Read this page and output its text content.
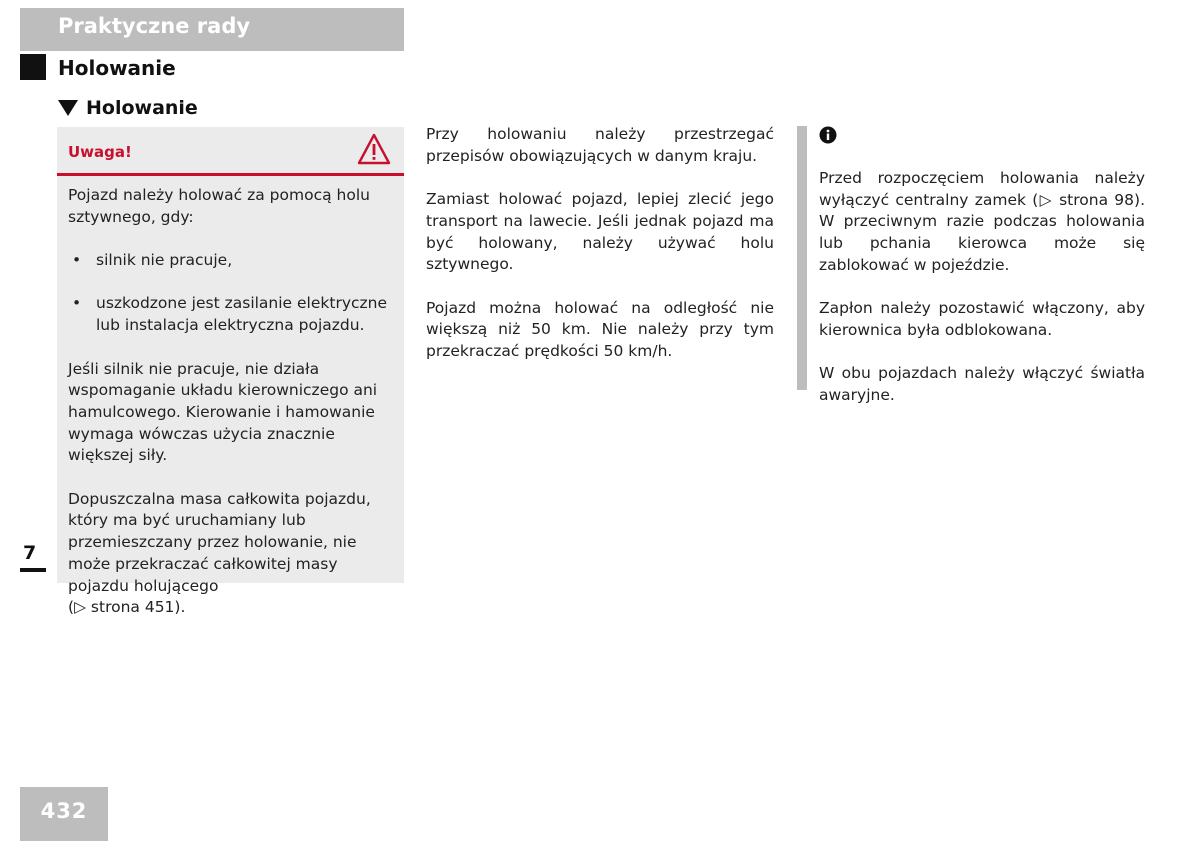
Praktyczne rady
Holowanie
Holowanie
Uwaga!

Pojazd należy holować za pomocą holu sztywnego, gdy:

• silnik nie pracuje,
• uszkodzone jest zasilanie elektryczne lub instalacja elektryczna pojazdu.

Jeśli silnik nie pracuje, nie działa wspomaganie układu kierowniczego ani hamulcowego. Kierowanie i hamowanie wymaga wówczas użycia znacznie większej siły.

Dopuszczalna masa całkowita pojazdu, który ma być uruchamiany lub przemieszczany przez holowanie, nie może przekraczać całkowitej masy pojazdu holującego
(▷ strona 451).

Przy holowaniu należy przestrzegać przepisów obowiązujących w danym kraju.

Zamiast holować pojazd, lepiej zlecić jego transport na lawecie. Jeśli jednak pojazd ma być holowany, należy używać holu sztywnego.

Pojazd można holować na odległość nie większą niż 50 km. Nie należy przy tym przekraczać prędkości 50 km/h.

Przed rozpoczęciem holowania należy wyłączyć centralny zamek (▷ strona 98). W przeciwnym razie podczas holowania lub pchania kierowca może się zablokować w pojeździe.

Zapłon należy pozostawić włączony, aby kierownica była odblokowana.

W obu pojazdach należy włączyć światła awaryjne.

7
432
